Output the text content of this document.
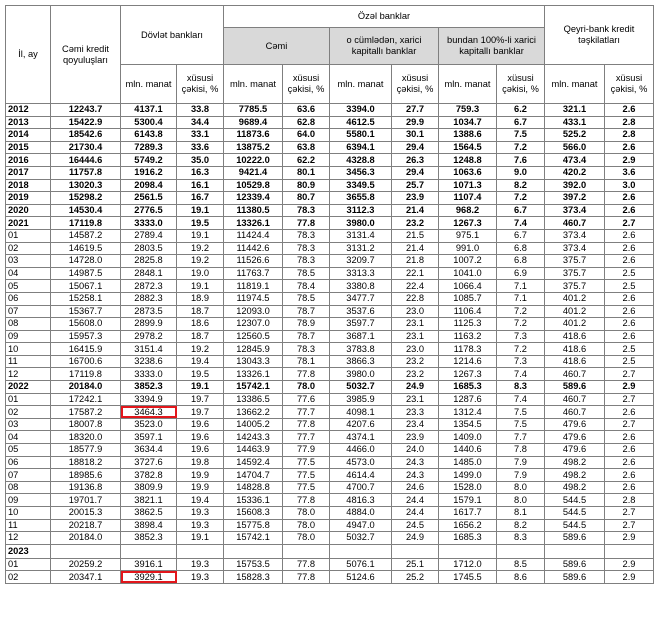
İl, ay	Cəmi kredit qoyuluşları	Dövlət bankları		Özəl banklar						Qeyri-bank kredit təşkilatları	
				Cəmi		o cümlədən, xarici kapitallı banklar		bundan 100%-li xarici kapitallı banklar			
		mln. manat	xüsusi çəkisi, %	mln. manat	xüsusi çəkisi, %	mln. manat	xüsusi çəkisi, %	mln. manat	xüsusi çəkisi, %	mln. manat	xüsusi çəkisi, %
2012	12243.7	4137.1	33.8	7785.5	63.6	3394.0	27.7	759.3	6.2	321.1	2.6
2013	15422.9	5300.4	34.4	9689.4	62.8	4612.5	29.9	1034.7	6.7	433.1	2.8
2014	18542.6	6143.8	33.1	11873.6	64.0	5580.1	30.1	1388.6	7.5	525.2	2.8
2015	21730.4	7289.3	33.6	13875.2	63.8	6394.1	29.4	1564.5	7.2	566.0	2.6
2016	16444.6	5749.2	35.0	10222.0	62.2	4328.8	26.3	1248.8	7.6	473.4	2.9
2017	11757.8	1916.2	16.3	9421.4	80.1	3456.3	29.4	1063.6	9.0	420.2	3.6
2018	13020.3	2098.4	16.1	10529.8	80.9	3349.5	25.7	1071.3	8.2	392.0	3.0
2019	15298.2	2561.5	16.7	12339.4	80.7	3655.8	23.9	1107.4	7.2	397.2	2.6
2020	14530.4	2776.5	19.1	11380.5	78.3	3112.3	21.4	968.2	6.7	373.4	2.6
2021	17119.8	3333.0	19.5	13326.1	77.8	3980.0	23.2	1267.3	7.4	460.7	2.7
01	14587.2	2789.4	19.1	11424.4	78.3	3131.4	21.5	975.1	6.7	373.4	2.6
02	14619.5	2803.5	19.2	11442.6	78.3	3131.2	21.4	991.0	6.8	373.4	2.6
03	14728.0	2825.8	19.2	11526.6	78.3	3209.7	21.8	1007.2	6.8	375.7	2.6
04	14987.5	2848.1	19.0	11763.7	78.5	3313.3	22.1	1041.0	6.9	375.7	2.5
05	15067.1	2872.3	19.1	11819.1	78.4	3380.8	22.4	1066.4	7.1	375.7	2.5
06	15258.1	2882.3	18.9	11974.5	78.5	3477.7	22.8	1085.7	7.1	401.2	2.6
07	15367.7	2873.5	18.7	12093.0	78.7	3537.6	23.0	1106.4	7.2	401.2	2.6
08	15608.0	2899.9	18.6	12307.0	78.9	3597.7	23.1	1125.3	7.2	401.2	2.6
09	15957.3	2978.2	18.7	12560.5	78.7	3687.1	23.1	1163.2	7.3	418.6	2.6
10	16415.9	3151.4	19.2	12845.9	78.3	3783.8	23.0	1178.3	7.2	418.6	2.5
11	16700.6	3238.6	19.4	13043.3	78.1	3866.3	23.2	1214.6	7.3	418.6	2.5
12	17119.8	3333.0	19.5	13326.1	77.8	3980.0	23.2	1267.3	7.4	460.7	2.7
2022	20184.0	3852.3	19.1	15742.1	78.0	5032.7	24.9	1685.3	8.3	589.6	2.9
01	17242.1	3394.9	19.7	13386.5	77.6	3985.9	23.1	1287.6	7.4	460.7	2.7
02	17587.2	3464.3	19.7	13662.2	77.7	4098.1	23.3	1312.4	7.5	460.7	2.6
03	18007.8	3523.0	19.6	14005.2	77.8	4207.6	23.4	1354.5	7.5	479.6	2.7
04	18320.0	3597.1	19.6	14243.3	77.7	4374.1	23.9	1409.0	7.7	479.6	2.6
05	18577.9	3634.4	19.6	14463.9	77.9	4466.0	24.0	1440.6	7.8	479.6	2.6
06	18818.2	3727.6	19.8	14592.4	77.5	4573.0	24.3	1485.0	7.9	498.2	2.6
07	18985.6	3782.8	19.9	14704.7	77.5	4614.4	24.3	1499.0	7.9	498.2	2.6
08	19136.8	3809.9	19.9	14828.8	77.5	4700.7	24.6	1528.0	8.0	498.2	2.6
09	19701.7	3821.1	19.4	15336.1	77.8	4816.3	24.4	1579.1	8.0	544.5	2.8
10	20015.3	3862.5	19.3	15608.3	78.0	4884.0	24.4	1617.7	8.1	544.5	2.7
11	20218.7	3898.4	19.3	15775.8	78.0	4947.0	24.5	1656.2	8.2	544.5	2.7
12	20184.0	3852.3	19.1	15742.1	78.0	5032.7	24.9	1685.3	8.3	589.6	2.9
2023											
01	20259.2	3916.1	19.3	15753.5	77.8	5076.1	25.1	1712.0	8.5	589.6	2.9
02	20347.1	3929.1	19.3	15828.3	77.8	5124.6	25.2	1745.5	8.6	589.6	2.9
